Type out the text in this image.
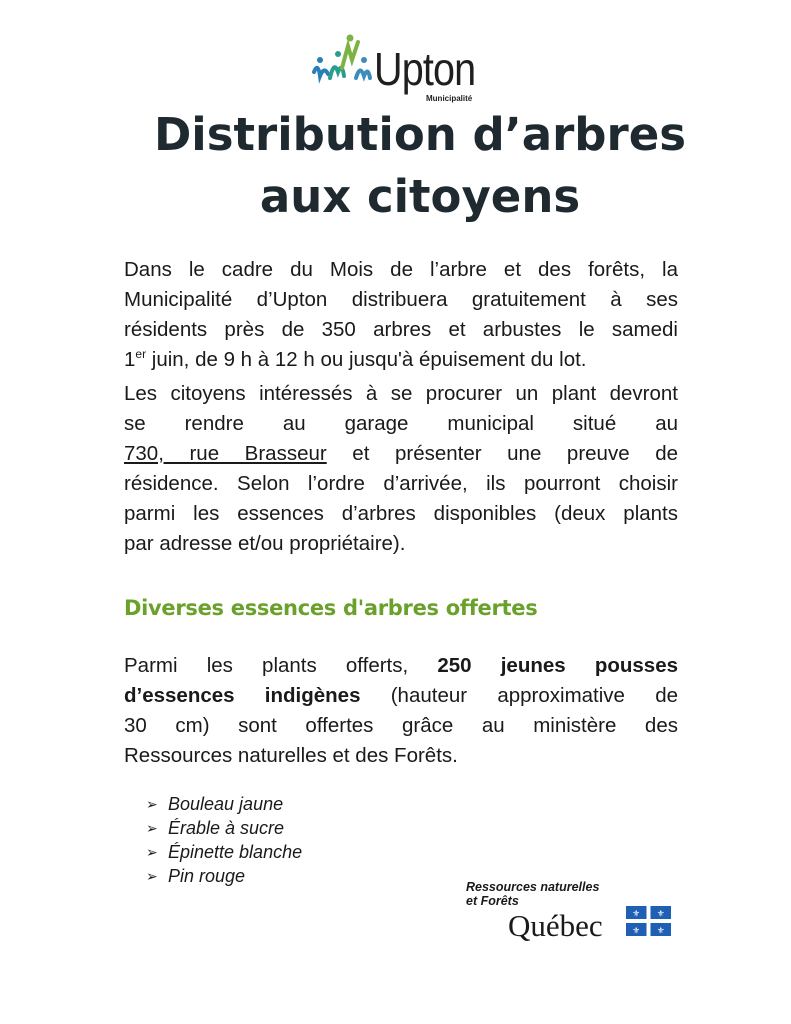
Upton
Municipalité
Distribution d’arbres
aux citoyens

Dans le cadre du Mois de l’arbre et des forêts, la
Municipalité d’Upton distribuera gratuitement à ses
résidents près de 350 arbres et arbustes le samedi
1er juin, de 9 h à 12 h ou jusqu'à épuisement du lot.

Les citoyens intéressés à se procurer un plant devront
se rendre au garage municipal situé au
730, rue Brasseur et présenter une preuve de
résidence. Selon l’ordre d’arrivée, ils pourront choisir
parmi les essences d’arbres disponibles (deux plants
par adresse et/ou propriétaire).

Diverses essences d'arbres offertes

Parmi les plants offerts, 250 jeunes pousses
d’essences indigènes (hauteur approximative de
30 cm) sont offertes grâce au ministère des
Ressources naturelles et des Forêts.

➢ Bouleau jaune
➢ Érable à sucre
➢ Épinette blanche
➢ Pin rouge
Ressources naturelles
et Forêts
Québec	⚜ ⚜
⚜ ⚜
